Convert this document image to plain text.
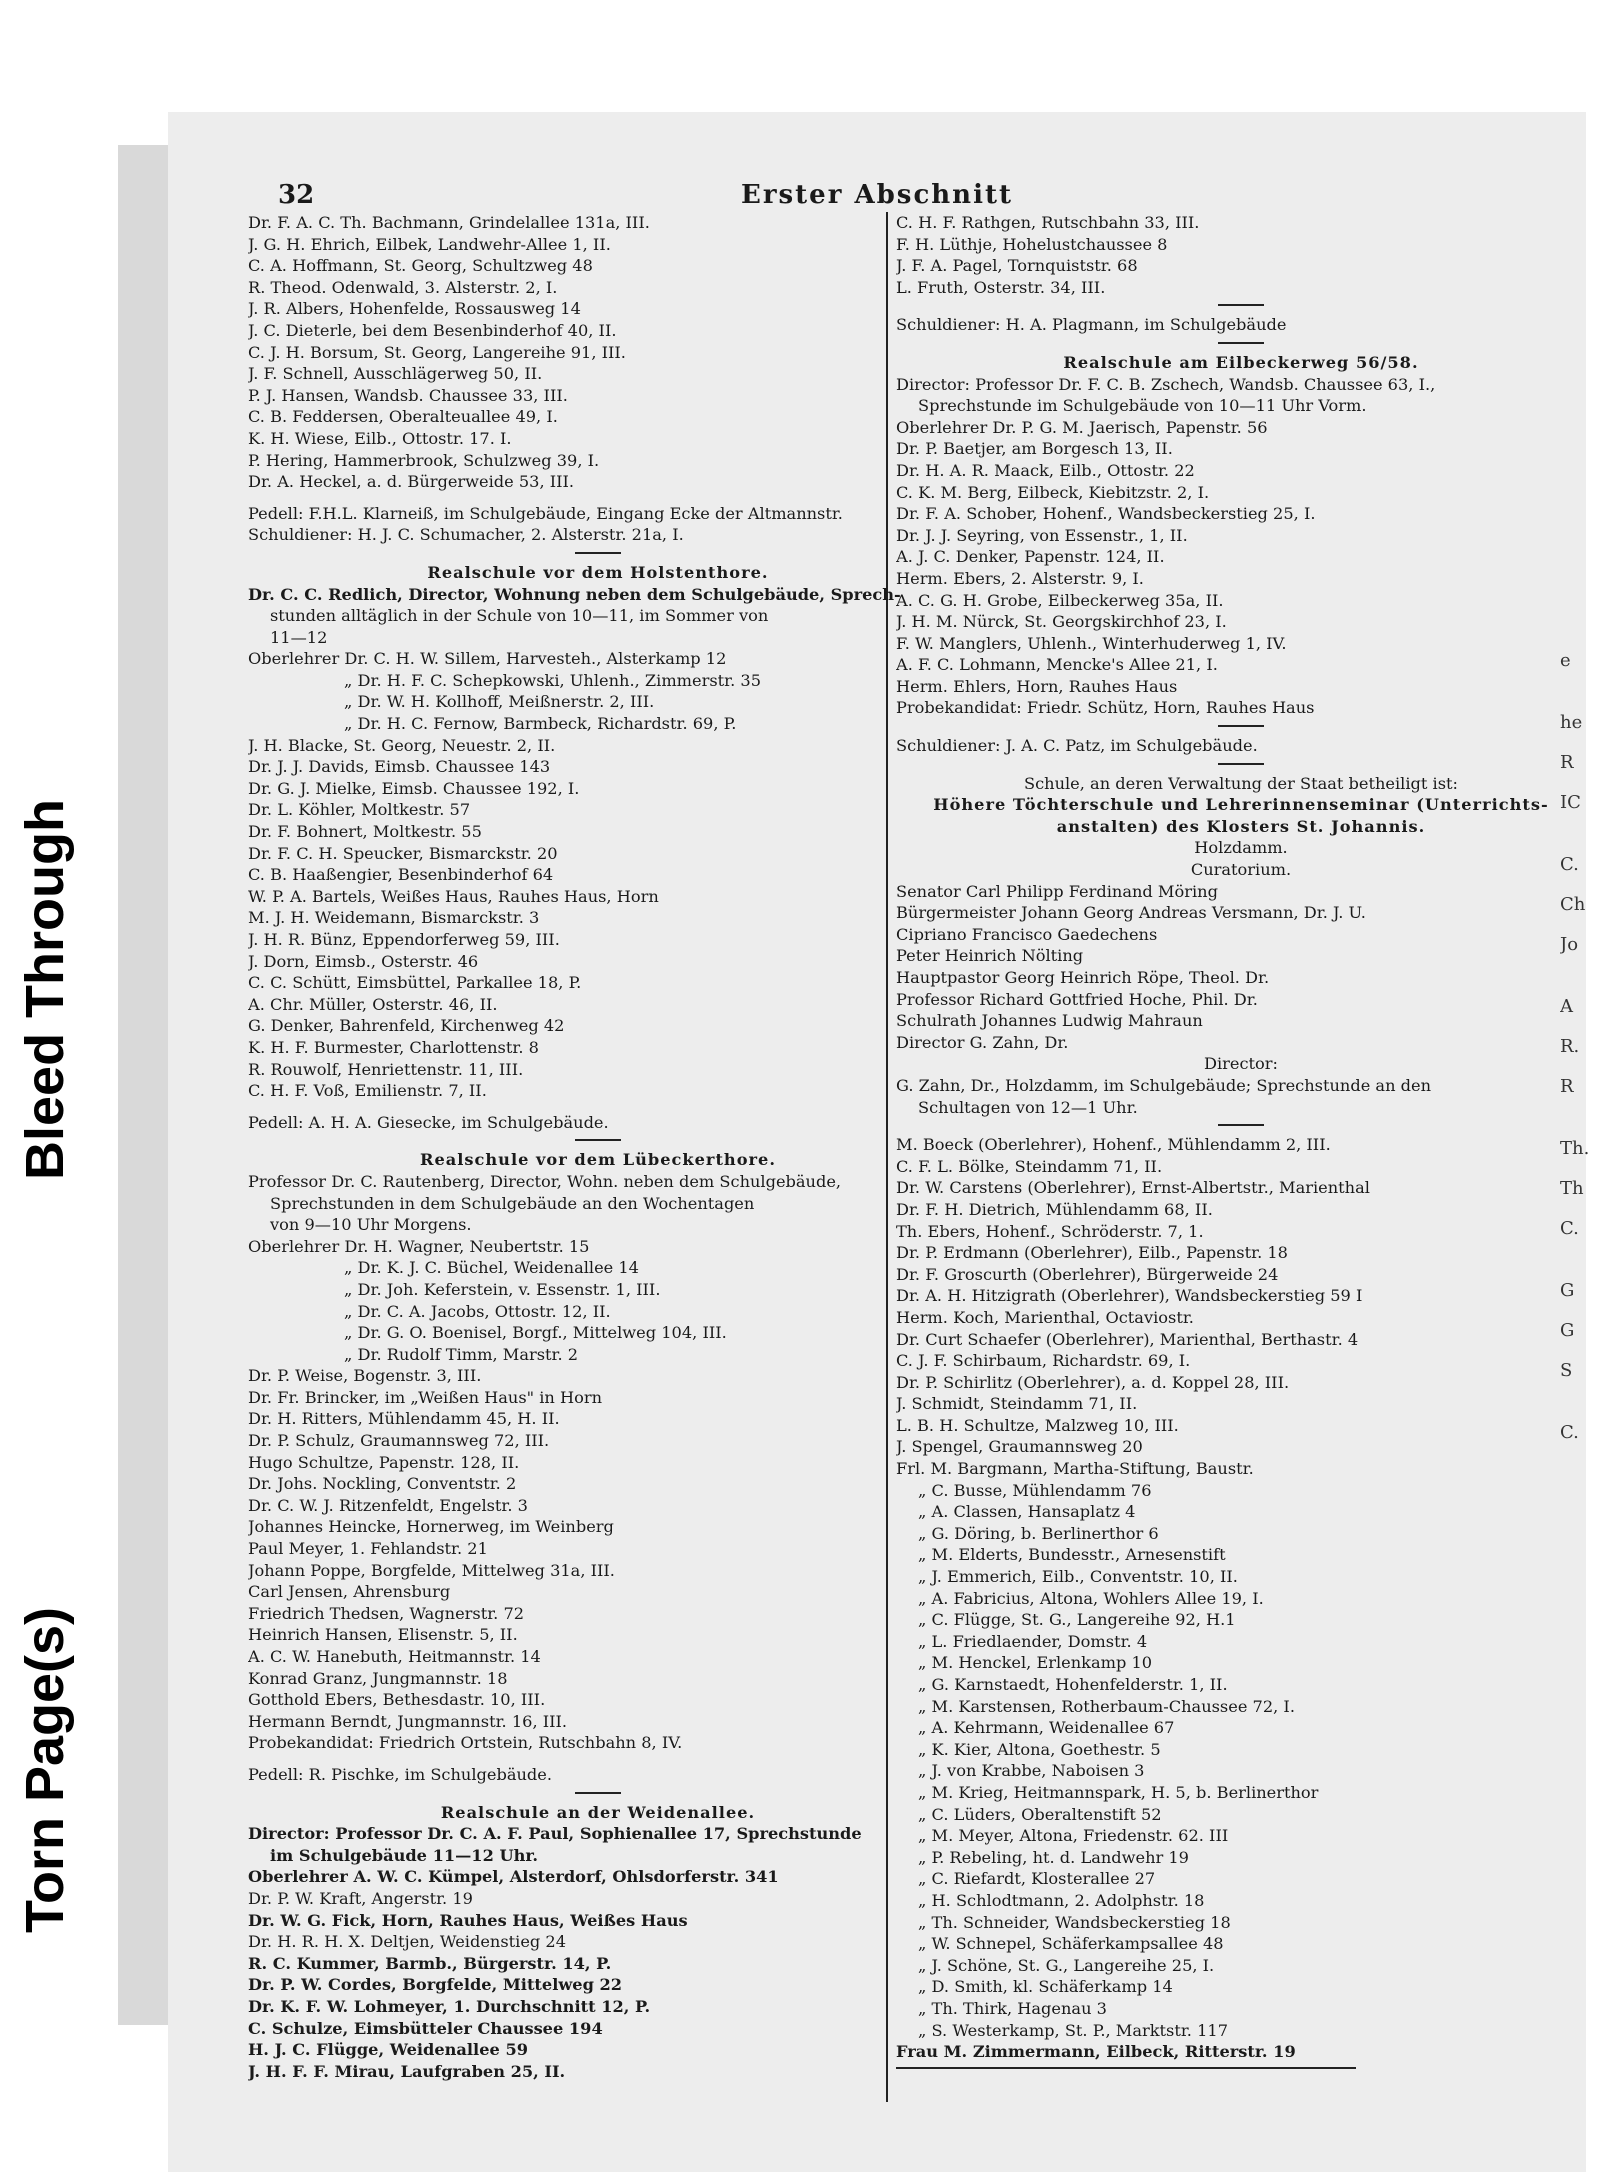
Torn Page(s)
Bleed Through
Erster Abschnitt
32
Dr. F. A. C. Th. Bachmann, Grindelallee 131a, III.
J. G. H. Ehrich, Eilbek, Landwehr-Allee 1, II.
C. A. Hoffmann, St. Georg, Schultzweg 48
R. Theod. Odenwald, 3. Alsterstr. 2, I.
J. R. Albers, Hohenfelde, Rossausweg 14
J. C. Dieterle, bei dem Besenbinderhof 40, II.
C. J. H. Borsum, St. Georg, Langereihe 91, III.
J. F. Schnell, Ausschlägerweg 50, II.
P. J. Hansen, Wandsb. Chaussee 33, III.
C. B. Feddersen, Oberalteuallee 49, I.
K. H. Wiese, Eilb., Ottostr. 17. I.
P. Hering, Hammerbrook, Schulzweg 39, I.
Dr. A. Heckel, a. d. Bürgerweide 53, III.
Pedell: F.H.L. Klarneiß, im Schulgebäude, Eingang Ecke der Altmannstr.
Schuldiener: H. J. C. Schumacher, 2. Alsterstr. 21a, I.
Realschule vor dem Holstenthore.
Dr. C. C. Redlich, Director, Wohnung neben dem Schulgebäude, Sprech-
stunden alltäglich in der Schule von 10—11, im Sommer von
11—12
Oberlehrer Dr. C. H. W. Sillem, Harvesteh., Alsterkamp 12
„ Dr. H. F. C. Schepkowski, Uhlenh., Zimmerstr. 35
„ Dr. W. H. Kollhoff, Meißnerstr. 2, III.
„ Dr. H. C. Fernow, Barmbeck, Richardstr. 69, P.
J. H. Blacke, St. Georg, Neuestr. 2, II.
Dr. J. J. Davids, Eimsb. Chaussee 143
Dr. G. J. Mielke, Eimsb. Chaussee 192, I.
Dr. L. Köhler, Moltkestr. 57
Dr. F. Bohnert, Moltkestr. 55
Dr. F. C. H. Speucker, Bismarckstr. 20
C. B. Haaßengier, Besenbinderhof 64
W. P. A. Bartels, Weißes Haus, Rauhes Haus, Horn
M. J. H. Weidemann, Bismarckstr. 3
J. H. R. Bünz, Eppendorferweg 59, III.
J. Dorn, Eimsb., Osterstr. 46
C. C. Schütt, Eimsbüttel, Parkallee 18, P.
A. Chr. Müller, Osterstr. 46, II.
G. Denker, Bahrenfeld, Kirchenweg 42
K. H. F. Burmester, Charlottenstr. 8
R. Rouwolf, Henriettenstr. 11, III.
C. H. F. Voß, Emilienstr. 7, II.
Pedell: A. H. A. Giesecke, im Schulgebäude.
Realschule vor dem Lübeckerthore.
Professor Dr. C. Rautenberg, Director, Wohn. neben dem Schulgebäude,
Sprechstunden in dem Schulgebäude an den Wochentagen
von 9—10 Uhr Morgens.
Oberlehrer Dr. H. Wagner, Neubertstr. 15
„ Dr. K. J. C. Büchel, Weidenallee 14
„ Dr. Joh. Keferstein, v. Essenstr. 1, III.
„ Dr. C. A. Jacobs, Ottostr. 12, II.
„ Dr. G. O. Boenisel, Borgf., Mittelweg 104, III.
„ Dr. Rudolf Timm, Marstr. 2
Dr. P. Weise, Bogenstr. 3, III.
Dr. Fr. Brincker, im „Weißen Haus" in Horn
Dr. H. Ritters, Mühlendamm 45, H. II.
Dr. P. Schulz, Graumannsweg 72, III.
Hugo Schultze, Papenstr. 128, II.
Dr. Johs. Nockling, Conventstr. 2
Dr. C. W. J. Ritzenfeldt, Engelstr. 3
Johannes Heincke, Hornerweg, im Weinberg
Paul Meyer, 1. Fehlandstr. 21
Johann Poppe, Borgfelde, Mittelweg 31a, III.
Carl Jensen, Ahrensburg
Friedrich Thedsen, Wagnerstr. 72
Heinrich Hansen, Elisenstr. 5, II.
A. C. W. Hanebuth, Heitmannstr. 14
Konrad Granz, Jungmannstr. 18
Gotthold Ebers, Bethesdastr. 10, III.
Hermann Berndt, Jungmannstr. 16, III.
Probekandidat: Friedrich Ortstein, Rutschbahn 8, IV.
Pedell: R. Pischke, im Schulgebäude.
Realschule an der Weidenallee.
Director: Professor Dr. C. A. F. Paul, Sophienallee 17, Sprechstunde
im Schulgebäude 11—12 Uhr.
Oberlehrer A. W. C. Kümpel, Alsterdorf, Ohlsdorferstr. 341
Dr. P. W. Kraft, Angerstr. 19
Dr. W. G. Fick, Horn, Rauhes Haus, Weißes Haus
Dr. H. R. H. X. Deltjen, Weidenstieg 24
R. C. Kummer, Barmb., Bürgerstr. 14, P.
Dr. P. W. Cordes, Borgfelde, Mittelweg 22
Dr. K. F. W. Lohmeyer, 1. Durchschnitt 12, P.
C. Schulze, Eimsbütteler Chaussee 194
H. J. C. Flügge, Weidenallee 59
J. H. F. F. Mirau, Laufgraben 25, II.
C. H. F. Rathgen, Rutschbahn 33, III.
F. H. Lüthje, Hohelustchaussee 8
J. F. A. Pagel, Tornquiststr. 68
L. Fruth, Osterstr. 34, III.
Schuldiener: H. A. Plagmann, im Schulgebäude
Realschule am Eilbeckerweg 56/58.
Director: Professor Dr. F. C. B. Zschech, Wandsb. Chaussee 63, I.,
Sprechstunde im Schulgebäude von 10—11 Uhr Vorm.
Oberlehrer Dr. P. G. M. Jaerisch, Papenstr. 56
Dr. P. Baetjer, am Borgesch 13, II.
Dr. H. A. R. Maack, Eilb., Ottostr. 22
C. K. M. Berg, Eilbeck, Kiebitzstr. 2, I.
Dr. F. A. Schober, Hohenf., Wandsbeckerstieg 25, I.
Dr. J. J. Seyring, von Essenstr., 1, II.
A. J. C. Denker, Papenstr. 124, II.
Herm. Ebers, 2. Alsterstr. 9, I.
A. C. G. H. Grobe, Eilbeckerweg 35a, II.
J. H. M. Nürck, St. Georgskirchhof 23, I.
F. W. Manglers, Uhlenh., Winterhuderweg 1, IV.
A. F. C. Lohmann, Mencke's Allee 21, I.
Herm. Ehlers, Horn, Rauhes Haus
Probekandidat: Friedr. Schütz, Horn, Rauhes Haus
Schuldiener: J. A. C. Patz, im Schulgebäude.
Schule, an deren Verwaltung der Staat betheiligt ist:
Höhere Töchterschule und Lehrerinnenseminar (Unterrichts-
anstalten) des Klosters St. Johannis.
Holzdamm.
Curatorium.
Senator Carl Philipp Ferdinand Möring
Bürgermeister Johann Georg Andreas Versmann, Dr. J. U.
Cipriano Francisco Gaedechens
Peter Heinrich Nölting
Hauptpastor Georg Heinrich Röpe, Theol. Dr.
Professor Richard Gottfried Hoche, Phil. Dr.
Schulrath Johannes Ludwig Mahraun
Director G. Zahn, Dr.
Director:
G. Zahn, Dr., Holzdamm, im Schulgebäude; Sprechstunde an den
Schultagen von 12—1 Uhr.
M. Boeck (Oberlehrer), Hohenf., Mühlendamm 2, III.
C. F. L. Bölke, Steindamm 71, II.
Dr. W. Carstens (Oberlehrer), Ernst-Albertstr., Marienthal
Dr. F. H. Dietrich, Mühlendamm 68, II.
Th. Ebers, Hohenf., Schröderstr. 7, 1.
Dr. P. Erdmann (Oberlehrer), Eilb., Papenstr. 18
Dr. F. Groscurth (Oberlehrer), Bürgerweide 24
Dr. A. H. Hitzigrath (Oberlehrer), Wandsbeckerstieg 59 I
Herm. Koch, Marienthal, Octaviostr.
Dr. Curt Schaefer (Oberlehrer), Marienthal, Berthastr. 4
C. J. F. Schirbaum, Richardstr. 69, I.
Dr. P. Schirlitz (Oberlehrer), a. d. Koppel 28, III.
J. Schmidt, Steindamm 71, II.
L. B. H. Schultze, Malzweg 10, III.
J. Spengel, Graumannsweg 20
Frl. M. Bargmann, Martha-Stiftung, Baustr.
„ C. Busse, Mühlendamm 76
„ A. Classen, Hansaplatz 4
„ G. Döring, b. Berlinerthor 6
„ M. Elderts, Bundesstr., Arnesenstift
„ J. Emmerich, Eilb., Conventstr. 10, II.
„ A. Fabricius, Altona, Wohlers Allee 19, I.
„ C. Flügge, St. G., Langereihe 92, H.1
„ L. Friedlaender, Domstr. 4
„ M. Henckel, Erlenkamp 10
„ G. Karnstaedt, Hohenfelderstr. 1, II.
„ M. Karstensen, Rotherbaum-Chaussee 72, I.
„ A. Kehrmann, Weidenallee 67
„ K. Kier, Altona, Goethestr. 5
„ J. von Krabbe, Naboisen 3
„ M. Krieg, Heitmannspark, H. 5, b. Berlinerthor
„ C. Lüders, Oberaltenstift 52
„ M. Meyer, Altona, Friedenstr. 62. III
„ P. Rebeling, ht. d. Landwehr 19
„ C. Riefardt, Klosterallee 27
„ H. Schlodtmann, 2. Adolphstr. 18
„ Th. Schneider, Wandsbeckerstieg 18
„ W. Schnepel, Schäferkampsallee 48
„ J. Schöne, St. G., Langereihe 25, I.
„ D. Smith, kl. Schäferkamp 14
„ Th. Thirk, Hagenau 3
„ S. Westerkamp, St. P., Marktstr. 117
Frau M. Zimmermann, Eilbeck, Ritterstr. 19
e
he
R
IC
C.
Ch
Jo
A
R.
R
Th.
Th
C.
G
G
S
C.
